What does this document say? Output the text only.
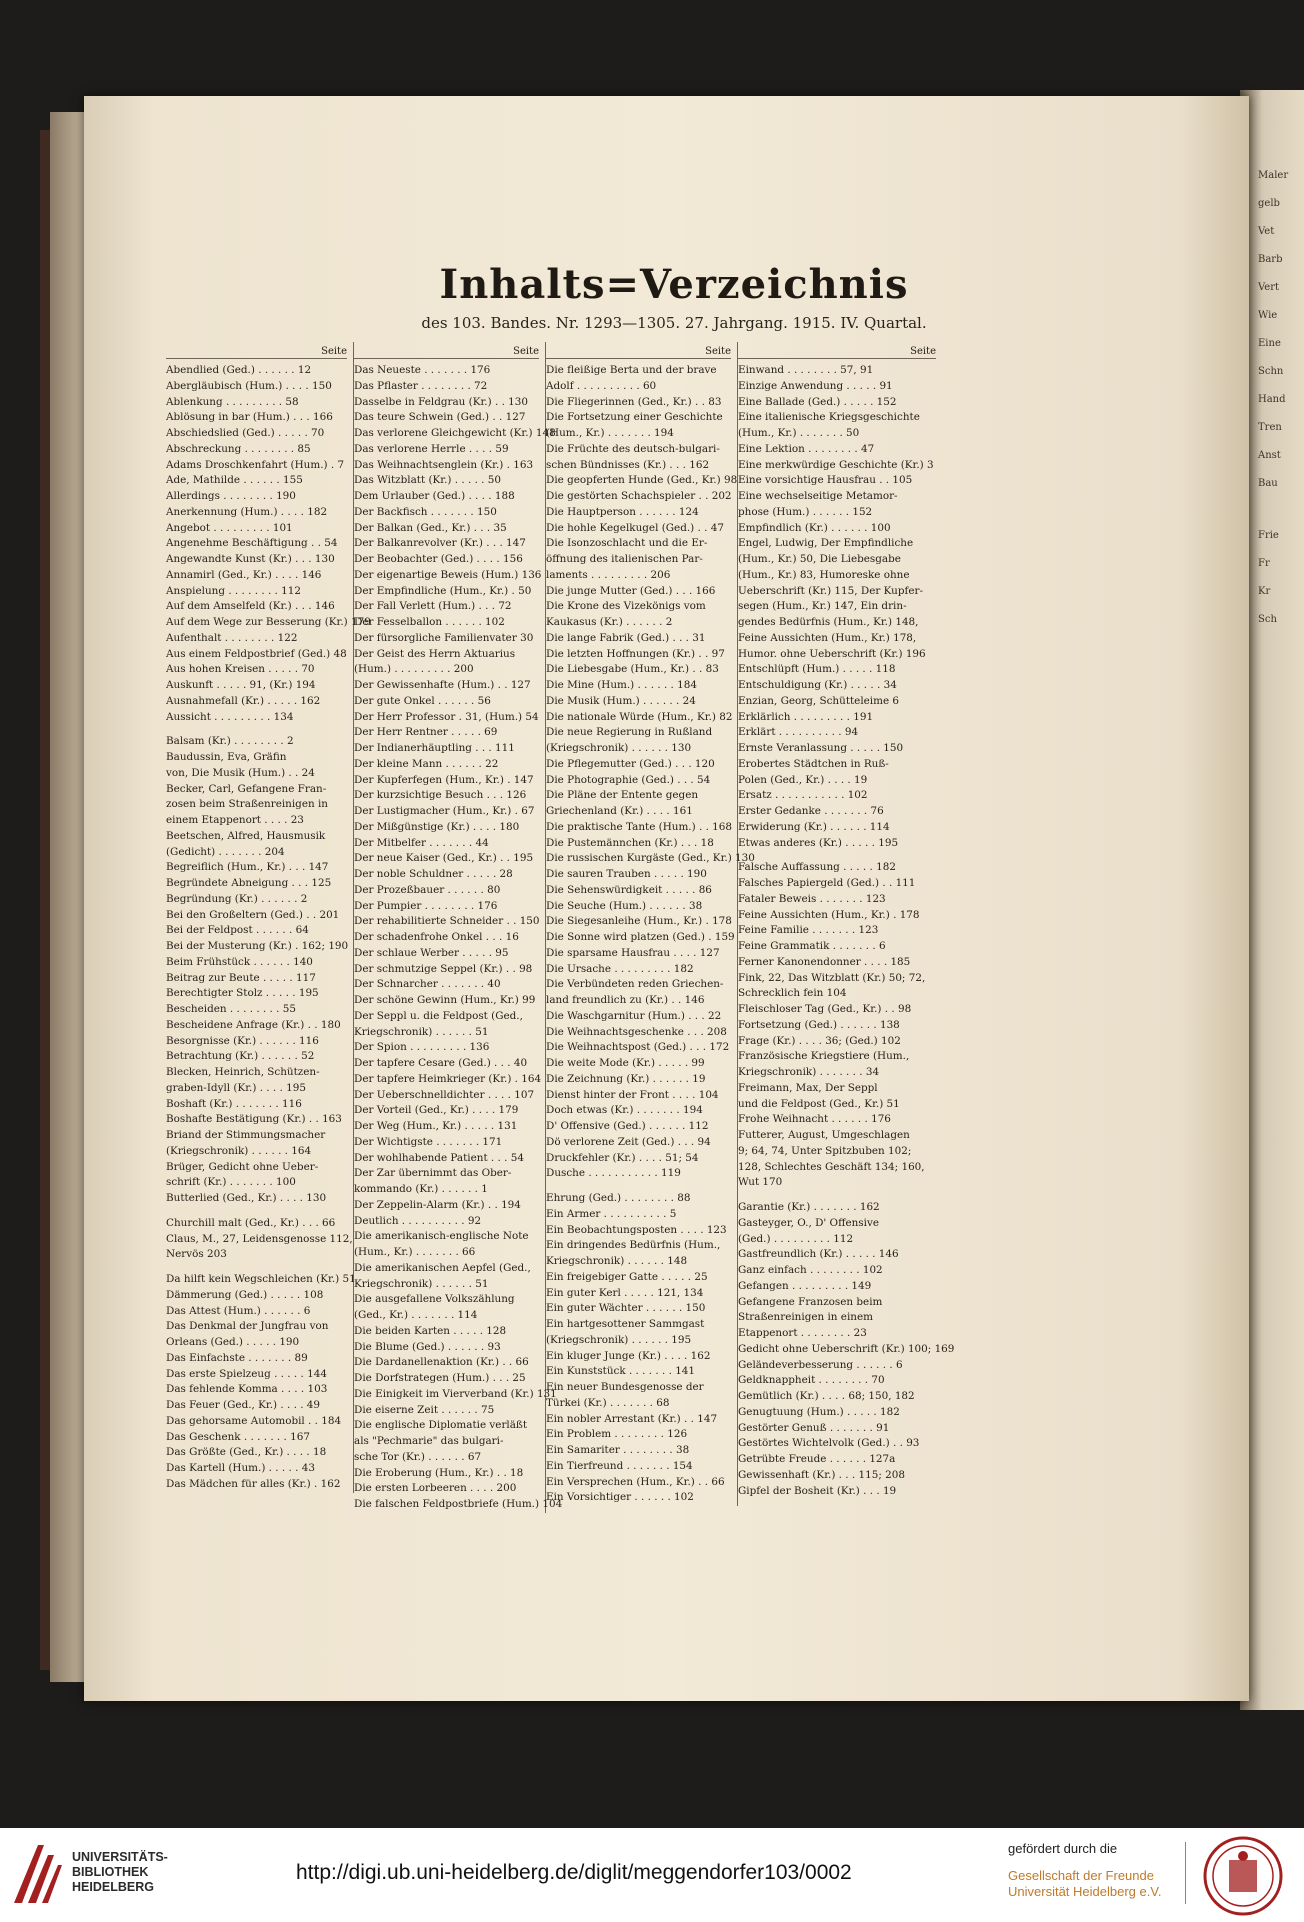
Maler
gelb
Vet
Barb
Vert
Wie
Eine
Schn
Hand
Tren
Anst
Bau
Frie
Fr
Kr
Sch
Inhalts=Verzeichnis
des 103. Bandes. Nr. 1293—1305. 27. Jahrgang. 1915. IV. Quartal.
Seite
Abendlied (Ged.) . . . . . . 12
Abergläubisch (Hum.) . . . . 150
Ablenkung . . . . . . . . . 58
Ablösung in bar (Hum.) . . . 166
Abschiedslied (Ged.) . . . . . 70
Abschreckung . . . . . . . . 85
Adams Droschkenfahrt (Hum.) . 7
Ade, Mathilde . . . . . . 155
Allerdings . . . . . . . . 190
Anerkennung (Hum.) . . . . 182
Angebot . . . . . . . . . 101
Angenehme Beschäftigung . . 54
Angewandte Kunst (Kr.) . . . 130
Annamirl (Ged., Kr.) . . . . 146
Anspielung . . . . . . . . 112
Auf dem Amselfeld (Kr.) . . . 146
Auf dem Wege zur Besserung (Kr.) 179
Aufenthalt . . . . . . . . 122
Aus einem Feldpostbrief (Ged.) 48
Aus hohen Kreisen . . . . . 70
Auskunft . . . . . 91, (Kr.) 194
Ausnahmefall (Kr.) . . . . . 162
Aussicht . . . . . . . . . 134
Balsam (Kr.) . . . . . . . . 2
Baudussin, Eva, Gräfin
von, Die Musik (Hum.) . . 24
Becker, Carl, Gefangene Fran-
zosen beim Straßenreinigen in
einem Etappenort . . . . 23
Beetschen, Alfred, Hausmusik
(Gedicht) . . . . . . . 204
Begreiflich (Hum., Kr.) . . . 147
Begründete Abneigung . . . 125
Begründung (Kr.) . . . . . . 2
Bei den Großeltern (Ged.) . . 201
Bei der Feldpost . . . . . . 64
Bei der Musterung (Kr.) . 162; 190
Beim Frühstück . . . . . . 140
Beitrag zur Beute . . . . . 117
Berechtigter Stolz . . . . . 195
Bescheiden . . . . . . . . 55
Bescheidene Anfrage (Kr.) . . 180
Besorgnisse (Kr.) . . . . . . 116
Betrachtung (Kr.) . . . . . . 52
Blecken, Heinrich, Schützen-
graben-Idyll (Kr.) . . . . 195
Boshaft (Kr.) . . . . . . . 116
Boshafte Bestätigung (Kr.) . . 163
Briand der Stimmungsmacher
(Kriegschronik) . . . . . . 164
Brüger, Gedicht ohne Ueber-
schrift (Kr.) . . . . . . . 100
Butterlied (Ged., Kr.) . . . . 130
Churchill malt (Ged., Kr.) . . . 66
Claus, M., 27, Leidensgenosse 112,
Nervös 203
Da hilft kein Wegschleichen (Kr.) 51
Dämmerung (Ged.) . . . . . 108
Das Attest (Hum.) . . . . . . 6
Das Denkmal der Jungfrau von
Orleans (Ged.) . . . . . 190
Das Einfachste . . . . . . . 89
Das erste Spielzeug . . . . . 144
Das fehlende Komma . . . . 103
Das Feuer (Ged., Kr.) . . . . 49
Das gehorsame Automobil . . 184
Das Geschenk . . . . . . . 167
Das Größte (Ged., Kr.) . . . . 18
Das Kartell (Hum.) . . . . . 43
Das Mädchen für alles (Kr.) . 162
Seite
Das Neueste . . . . . . . 176
Das Pflaster . . . . . . . . 72
Dasselbe in Feldgrau (Kr.) . . 130
Das teure Schwein (Ged.) . . 127
Das verlorene Gleichgewicht (Kr.) 148
Das verlorene Herrle . . . . 59
Das Weihnachtsenglein (Kr.) . 163
Das Witzblatt (Kr.) . . . . . 50
Dem Urlauber (Ged.) . . . . 188
Der Backfisch . . . . . . . 150
Der Balkan (Ged., Kr.) . . . 35
Der Balkanrevolver (Kr.) . . . 147
Der Beobachter (Ged.) . . . . 156
Der eigenartige Beweis (Hum.) 136
Der Empfindliche (Hum., Kr.) . 50
Der Fall Verlett (Hum.) . . . 72
Der Fesselballon . . . . . . 102
Der fürsorgliche Familienvater 30
Der Geist des Herrn Aktuarius
(Hum.) . . . . . . . . . 200
Der Gewissenhafte (Hum.) . . 127
Der gute Onkel . . . . . . 56
Der Herr Professor . 31, (Hum.) 54
Der Herr Rentner . . . . . 69
Der Indianerhäuptling . . . 111
Der kleine Mann . . . . . . 22
Der Kupferfegen (Hum., Kr.) . 147
Der kurzsichtige Besuch . . . 126
Der Lustigmacher (Hum., Kr.) . 67
Der Mißgünstige (Kr.) . . . . 180
Der Mitbelfer . . . . . . . 44
Der neue Kaiser (Ged., Kr.) . . 195
Der noble Schuldner . . . . . 28
Der Prozeßbauer . . . . . . 80
Der Pumpier . . . . . . . . 176
Der rehabilitierte Schneider . . 150
Der schadenfrohe Onkel . . . 16
Der schlaue Werber . . . . . 95
Der schmutzige Seppel (Kr.) . . 98
Der Schnarcher . . . . . . . 40
Der schöne Gewinn (Hum., Kr.) 99
Der Seppl u. die Feldpost (Ged.,
Kriegschronik) . . . . . . 51
Der Spion . . . . . . . . . 136
Der tapfere Cesare (Ged.) . . . 40
Der tapfere Heimkrieger (Kr.) . 164
Der Ueberschnelldichter . . . . 107
Der Vorteil (Ged., Kr.) . . . . 179
Der Weg (Hum., Kr.) . . . . . 131
Der Wichtigste . . . . . . . 171
Der wohlhabende Patient . . . 54
Der Zar übernimmt das Ober-
kommando (Kr.) . . . . . . 1
Der Zeppelin-Alarm (Kr.) . . 194
Deutlich . . . . . . . . . . 92
Die amerikanisch-englische Note
(Hum., Kr.) . . . . . . . 66
Die amerikanischen Aepfel (Ged.,
Kriegschronik) . . . . . . 51
Die ausgefallene Volkszählung
(Ged., Kr.) . . . . . . . 114
Die beiden Karten . . . . . 128
Die Blume (Ged.) . . . . . . 93
Die Dardanellenaktion (Kr.) . . 66
Die Dorfstrategen (Hum.) . . . 25
Die Einigkeit im Vierverband (Kr.) 131
Die eiserne Zeit . . . . . . 75
Die englische Diplomatie verläßt
als "Pechmarie" das bulgari-
sche Tor (Kr.) . . . . . . 67
Die Eroberung (Hum., Kr.) . . 18
Die ersten Lorbeeren . . . . 200
Die falschen Feldpostbriefe (Hum.) 104
Seite
Die fleißige Berta und der brave
Adolf . . . . . . . . . . 60
Die Fliegerinnen (Ged., Kr.) . . 83
Die Fortsetzung einer Geschichte
(Hum., Kr.) . . . . . . . 194
Die Früchte des deutsch-bulgari-
schen Bündnisses (Kr.) . . . 162
Die geopferten Hunde (Ged., Kr.) 98
Die gestörten Schachspieler . . 202
Die Hauptperson . . . . . . 124
Die hohle Kegelkugel (Ged.) . . 47
Die Isonzoschlacht und die Er-
öffnung des italienischen Par-
laments . . . . . . . . . 206
Die junge Mutter (Ged.) . . . 166
Die Krone des Vizekönigs vom
Kaukasus (Kr.) . . . . . . 2
Die lange Fabrik (Ged.) . . . 31
Die letzten Hoffnungen (Kr.) . . 97
Die Liebesgabe (Hum., Kr.) . . 83
Die Mine (Hum.) . . . . . . 184
Die Musik (Hum.) . . . . . . 24
Die nationale Würde (Hum., Kr.) 82
Die neue Regierung in Rußland
(Kriegschronik) . . . . . . 130
Die Pflegemutter (Ged.) . . . 120
Die Photographie (Ged.) . . . 54
Die Pläne der Entente gegen
Griechenland (Kr.) . . . . 161
Die praktische Tante (Hum.) . . 168
Die Pustemännchen (Kr.) . . . 18
Die russischen Kurgäste (Ged., Kr.) 130
Die sauren Trauben . . . . . 190
Die Sehenswürdigkeit . . . . . 86
Die Seuche (Hum.) . . . . . . 38
Die Siegesanleihe (Hum., Kr.) . 178
Die Sonne wird platzen (Ged.) . 159
Die sparsame Hausfrau . . . . 127
Die Ursache . . . . . . . . . 182
Die Verbündeten reden Griechen-
land freundlich zu (Kr.) . . 146
Die Waschgarnitur (Hum.) . . . 22
Die Weihnachtsgeschenke . . . 208
Die Weihnachtspost (Ged.) . . . 172
Die weite Mode (Kr.) . . . . . 99
Die Zeichnung (Kr.) . . . . . . 19
Dienst hinter der Front . . . . 104
Doch etwas (Kr.) . . . . . . . 194
D' Offensive (Ged.) . . . . . . 112
Dö verlorene Zeit (Ged.) . . . 94
Druckfehler (Kr.) . . . . 51; 54
Dusche . . . . . . . . . . . 119
Ehrung (Ged.) . . . . . . . . 88
Ein Armer . . . . . . . . . . 5
Ein Beobachtungsposten . . . . 123
Ein dringendes Bedürfnis (Hum.,
Kriegschronik) . . . . . . 148
Ein freigebiger Gatte . . . . . 25
Ein guter Kerl . . . . . 121, 134
Ein guter Wächter . . . . . . 150
Ein hartgesottener Sammgast
(Kriegschronik) . . . . . . 195
Ein kluger Junge (Kr.) . . . . 162
Ein Kunststück . . . . . . . 141
Ein neuer Bundesgenosse der
Türkei (Kr.) . . . . . . . 68
Ein nobler Arrestant (Kr.) . . 147
Ein Problem . . . . . . . . 126
Ein Samariter . . . . . . . . 38
Ein Tierfreund . . . . . . . 154
Ein Versprechen (Hum., Kr.) . . 66
Ein Vorsichtiger . . . . . . 102
Seite
Einwand . . . . . . . . 57, 91
Einzige Anwendung . . . . . 91
Eine Ballade (Ged.) . . . . . 152
Eine italienische Kriegsgeschichte
(Hum., Kr.) . . . . . . . 50
Eine Lektion . . . . . . . . 47
Eine merkwürdige Geschichte (Kr.) 3
Eine vorsichtige Hausfrau . . 105
Eine wechselseitige Metamor-
phose (Hum.) . . . . . . 152
Empfindlich (Kr.) . . . . . . 100
Engel, Ludwig, Der Empfindliche
(Hum., Kr.) 50, Die Liebesgabe
(Hum., Kr.) 83, Humoreske ohne
Ueberschrift (Kr.) 115, Der Kupfer-
segen (Hum., Kr.) 147, Ein drin-
gendes Bedürfnis (Hum., Kr.) 148,
Feine Aussichten (Hum., Kr.) 178,
Humor. ohne Ueberschrift (Kr.) 196
Entschlüpft (Hum.) . . . . . 118
Entschuldigung (Kr.) . . . . . 34
Enzian, Georg, Schütteleime 6
Erklärlich . . . . . . . . . 191
Erklärt . . . . . . . . . . 94
Ernste Veranlassung . . . . . 150
Erobertes Städtchen in Ruß-
Polen (Ged., Kr.) . . . . 19
Ersatz . . . . . . . . . . . 102
Erster Gedanke . . . . . . . 76
Erwiderung (Kr.) . . . . . . 114
Etwas anderes (Kr.) . . . . . 195
Falsche Auffassung . . . . . 182
Falsches Papiergeld (Ged.) . . 111
Fataler Beweis . . . . . . . 123
Feine Aussichten (Hum., Kr.) . 178
Feine Familie . . . . . . . 123
Feine Grammatik . . . . . . . 6
Ferner Kanonendonner . . . . 185
Fink, 22, Das Witzblatt (Kr.) 50; 72,
Schrecklich fein 104
Fleischloser Tag (Ged., Kr.) . . 98
Fortsetzung (Ged.) . . . . . . 138
Frage (Kr.) . . . . 36; (Ged.) 102
Französische Kriegstiere (Hum.,
Kriegschronik) . . . . . . . 34
Freimann, Max, Der Seppl
und die Feldpost (Ged., Kr.) 51
Frohe Weihnacht . . . . . . 176
Futterer, August, Umgeschlagen
9; 64, 74, Unter Spitzbuben 102;
128, Schlechtes Geschäft 134; 160,
Wut 170
Garantie (Kr.) . . . . . . . 162
Gasteyger, O., D' Offensive
(Ged.) . . . . . . . . . 112
Gastfreundlich (Kr.) . . . . . 146
Ganz einfach . . . . . . . . 102
Gefangen . . . . . . . . . 149
Gefangene Franzosen beim
Straßenreinigen in einem
Etappenort . . . . . . . . 23
Gedicht ohne Ueberschrift (Kr.) 100; 169
Geländeverbesserung . . . . . . 6
Geldknappheit . . . . . . . . 70
Gemütlich (Kr.) . . . . 68; 150, 182
Genugtuung (Hum.) . . . . . 182
Gestörter Genuß . . . . . . . 91
Gestörtes Wichtelvolk (Ged.) . . 93
Getrübte Freude . . . . . . 127a
Gewissenhaft (Kr.) . . . 115; 208
Gipfel der Bosheit (Kr.) . . . 19
UNIVERSITÄTS-
BIBLIOTHEK
HEIDELBERG
http://digi.ub.uni-heidelberg.de/diglit/meggendorfer103/0002
gefördert durch die
Gesellschaft der Freunde
Universität Heidelberg e.V.
